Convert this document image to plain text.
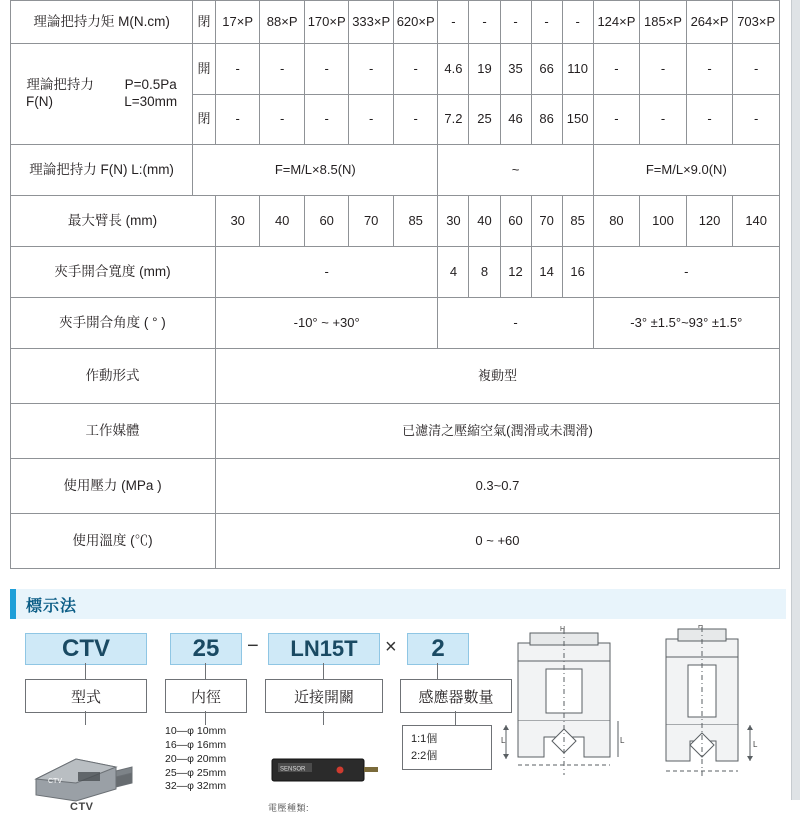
理論把持力矩 M(N.cm)	閉	17×P	88×P	170×P	333×P	620×P	-	-	-	-	-	124×P	185×P	264×P	703×P

理論把持力　　 P=0.5Pa
F(N)　　　　　 L=30mm	開	-	-	-	-	-	4.6	19	35	66	110	-	-	-	-
	閉	-	-	-	-	-	7.2	25	46	86	150	-	-	-	-
理論把持力 F(N) L:(mm)	F=M/L×8.5(N)						~					F=M/L×9.0(N)			
最大臂長 (mm)		30	40	60	70	85	30	40	60	70	85	80	100	120	140
夾手開合寬度 (mm)		-					4	8	12	14	16	-			
夾手開合角度 ( ° )		-10° ~ +30°					-					-3° ±1.5°~93° ±1.5°			
作動形式		複動型													
工作媒體		已濾清之壓縮空氣(潤滑或未潤滑)													
使用壓力 (MPa )		0.3~0.7													
使用溫度 (℃)		0 ~ +60													
標示法
CTV	25	−	LN15T	×	2
型式	内徑	近接開關	感應器數量
10—φ 10mm
16—φ 16mm
20—φ 20mm
25—φ 25mm
32—φ 32mm
1:1個
2:2個
CTV
CTV
SENSOR
電壓種類:
L	L
H
L
H
